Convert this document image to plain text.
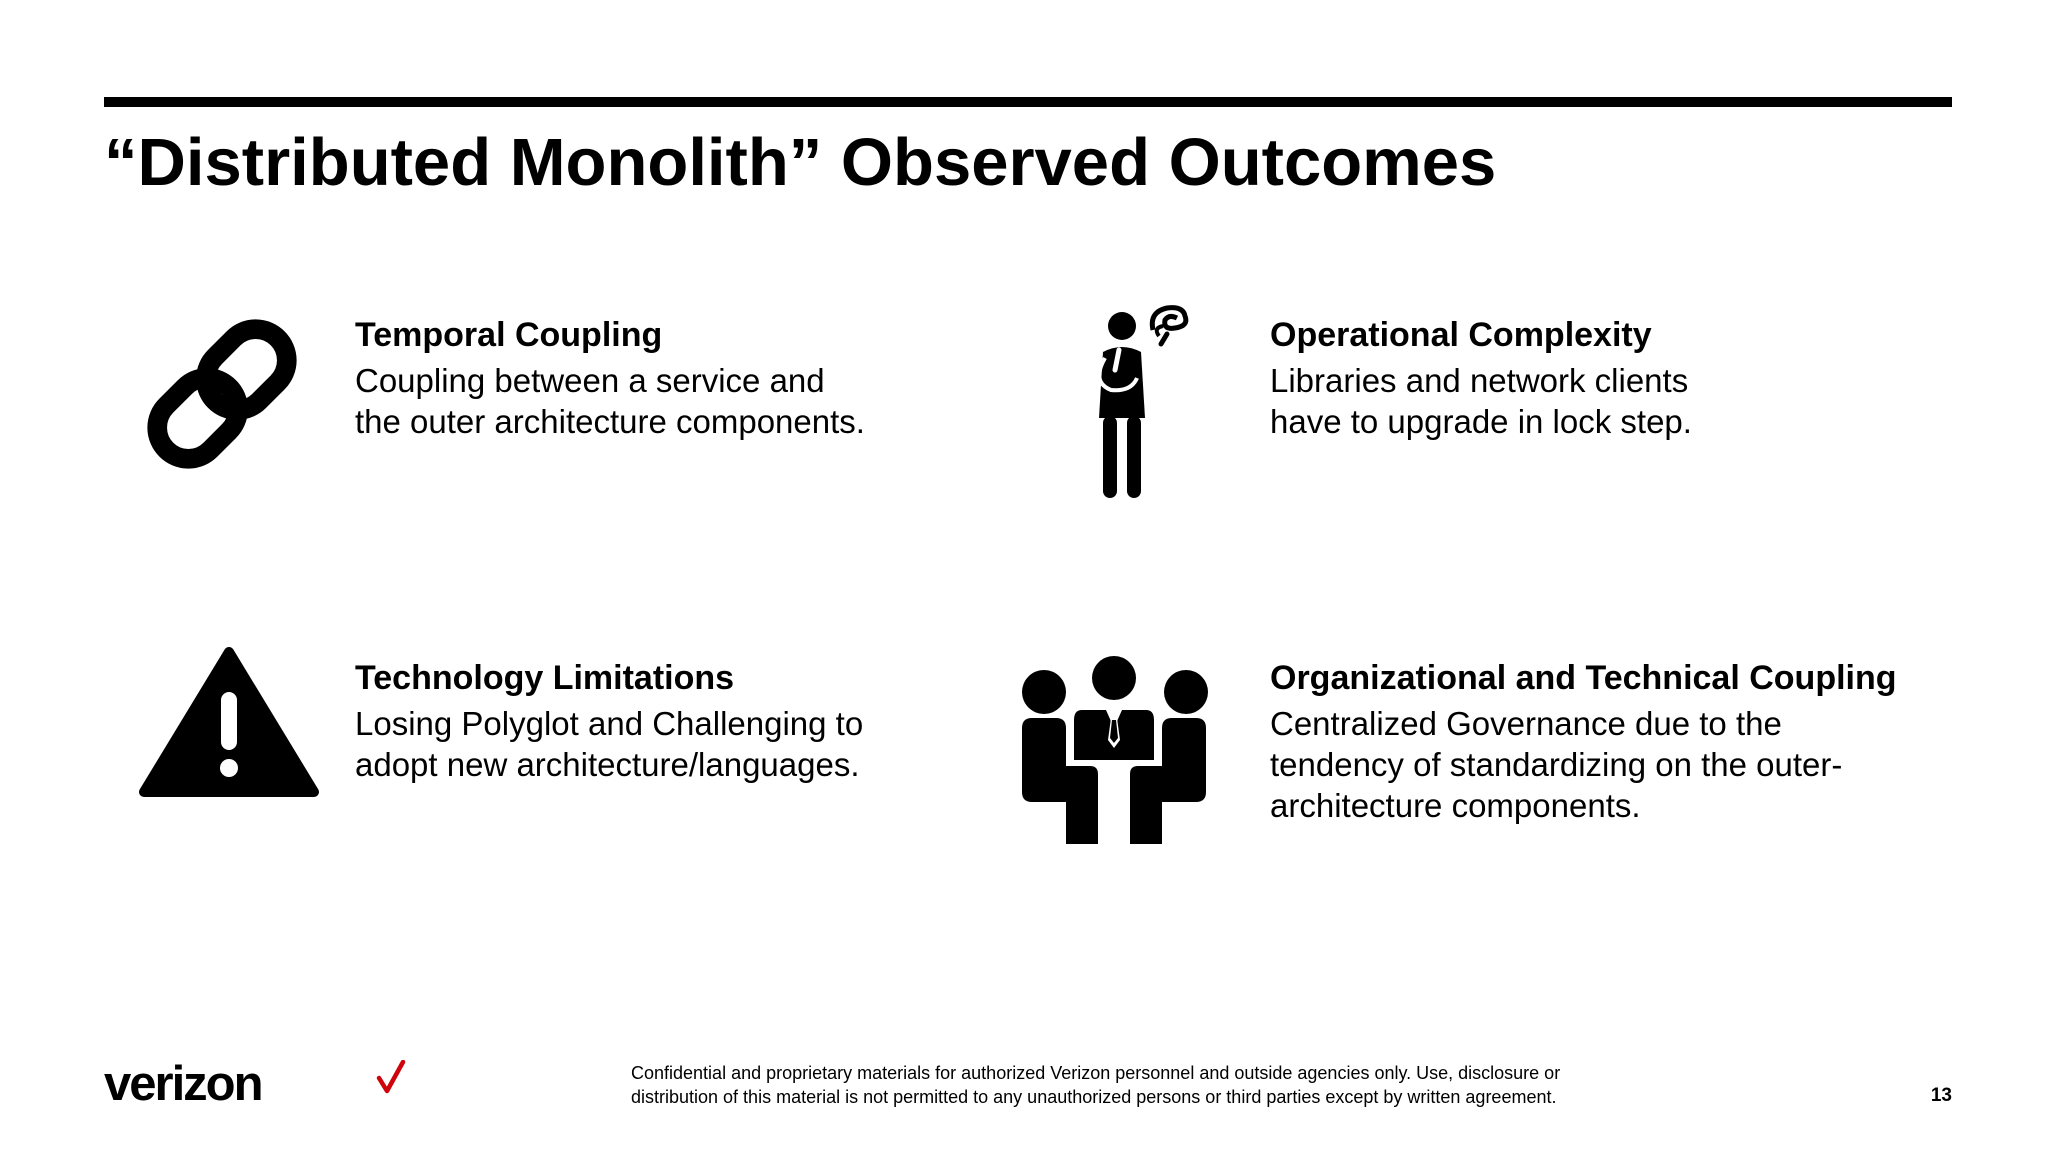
“Distributed Monolith” Observed Outcomes
Temporal Coupling
Coupling between a service and
the outer architecture components.
Operational Complexity
Libraries and network clients
have to upgrade in lock step.
Technology Limitations
Losing Polyglot and Challenging to
adopt new architecture/languages.
Organizational and Technical Coupling
Centralized Governance due to the
tendency of standardizing on the outer-
architecture components.
verizon	Confidential and proprietary materials for authorized Verizon personnel and outside agencies only. Use, disclosure or
distribution of this material is not permitted to any unauthorized persons or third parties except by written agreement.	13
